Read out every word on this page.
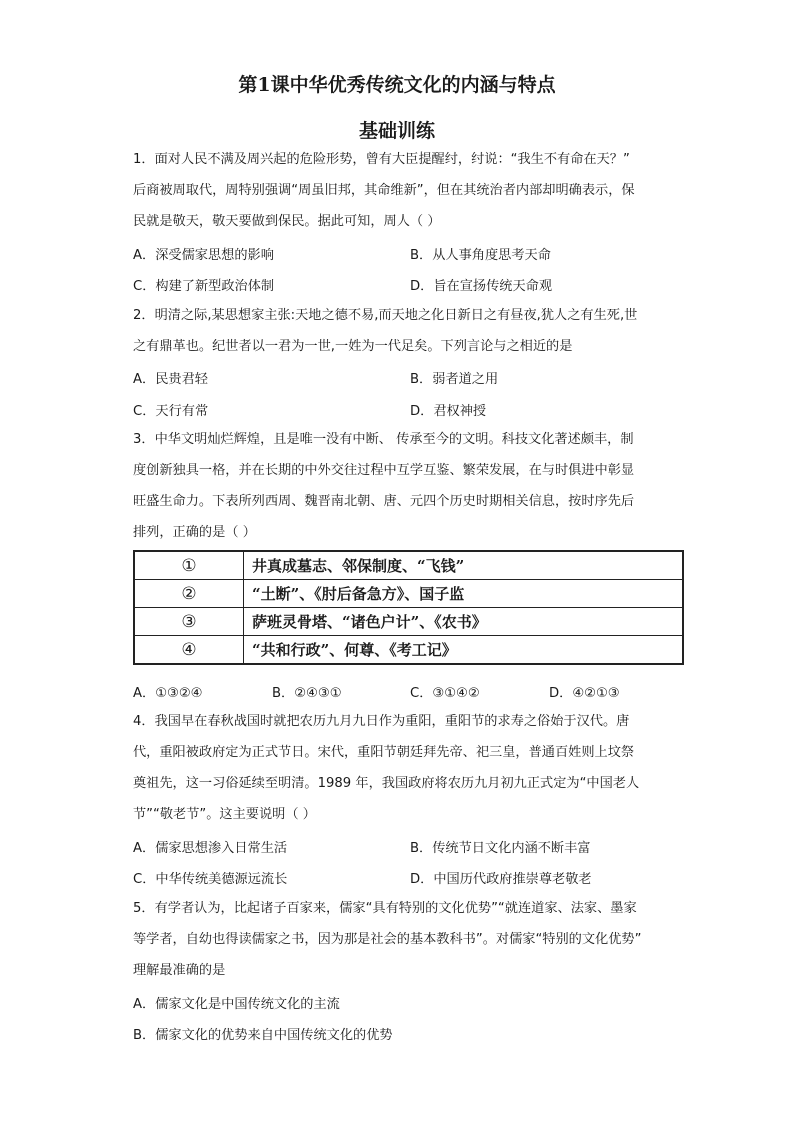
第1课中华优秀传统文化的内涵与特点
基础训练
1．面对人民不满及周兴起的危险形势，曾有大臣提醒纣，纣说：“我生不有命在天？”
后商被周取代，周特别强调“周虽旧邦，其命维新”，但在其统治者内部却明确表示，保
民就是敬天，敬天要做到保民。据此可知，周人（ ）
A．深受儒家思想的影响	B．从人事角度思考天命
C．构建了新型政治体制	D．旨在宣扬传统天命观
2．明清之际,某思想家主张:天地之德不易,而天地之化日新日之有昼夜,犹人之有生死,世
之有鼎革也。纪世者以一君为一世,一姓为一代足矣。下列言论与之相近的是
A．民贵君轻	B．弱者道之用
C．天行有常	D．君权神授
3．中华文明灿烂辉煌，且是唯一没有中断、 传承至今的文明。科技文化著述颇丰，制
度创新独具一格，并在长期的中外交往过程中互学互鉴、繁荣发展，在与时俱进中彰显
旺盛生命力。下表所列西周、魏晋南北朝、唐、元四个历史时期相关信息，按时序先后
排列，正确的是（ ）
①	井真成墓志、邻保制度、“飞钱”
②	“土断”、《肘后备急方》、国子监
③	萨班灵骨塔、“诸色户计”、《农书》
④	“共和行政”、何尊、《考工记》
A．①③②④	B．②④③①	C．③①④②	D．④②①③
4．我国早在春秋战国时就把农历九月九日作为重阳，重阳节的求寿之俗始于汉代。唐
代，重阳被政府定为正式节日。宋代，重阳节朝廷拜先帝、祀三皇，普通百姓则上坟祭
奠祖先，这一习俗延续至明清。1989 年，我国政府将农历九月初九正式定为“中国老人
节”“敬老节”。这主要说明（ ）
A．儒家思想渗入日常生活	B．传统节日文化内涵不断丰富
C．中华传统美德源远流长	D．中国历代政府推崇尊老敬老
5．有学者认为，比起诸子百家来，儒家“具有特别的文化优势”“就连道家、法家、墨家
等学者，自幼也得读儒家之书，因为那是社会的基本教科书”。对儒家“特别的文化优势”
理解最准确的是
A．儒家文化是中国传统文化的主流
B．儒家文化的优势来自中国传统文化的优势
